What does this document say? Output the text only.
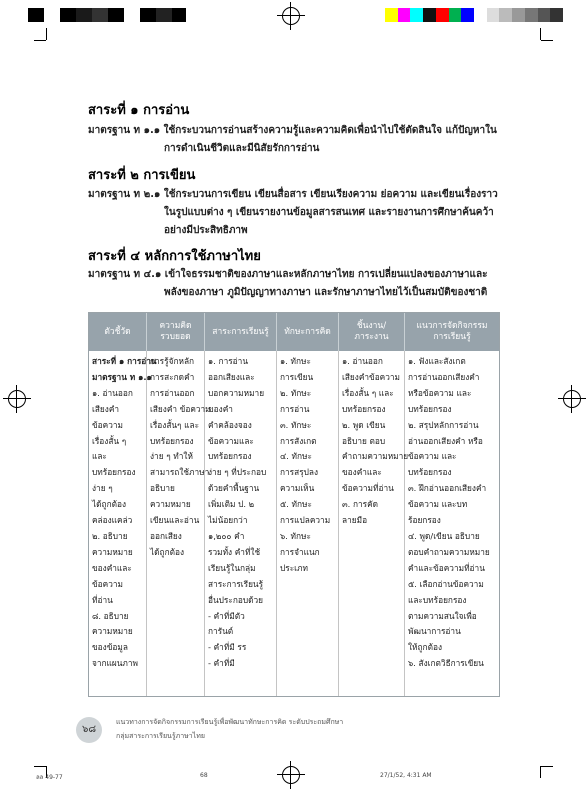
สาระที่ ๑ การอ่าน
มาตรฐาน ท ๑.๑ ใช้กระบวนการอ่านสร้างความรู้และความคิดเพื่อนำไปใช้ตัดสินใจ แก้ปัญหาใน
การดำเนินชีวิตและมีนิสัยรักการอ่าน
สาระที่ ๒ การเขียน
มาตรฐาน ท ๒.๑ ใช้กระบวนการเขียน เขียนสื่อสาร เขียนเรียงความ ย่อความ และเขียนเรื่องราว
ในรูปแบบต่าง ๆ เขียนรายงานข้อมูลสารสนเทศ และรายงานการศึกษาค้นคว้า
อย่างมีประสิทธิภาพ
สาระที่ ๔ หลักการใช้ภาษาไทย
มาตรฐาน ท ๔.๑ เข้าใจธรรมชาติของภาษาและหลักภาษาไทย การเปลี่ยนแปลงของภาษาและ
พลังของภาษา ภูมิปัญญาทางภาษา และรักษาภาษาไทยไว้เป็นสมบัติของชาติ
ตัวชี้วัด
ความคิด
รวบยอด
สาระการเรียนรู้ ทักษะการคิด
ชิ้นงาน/
ภาระงาน
แนวการจัดกิจกรรม
การเรียนรู้
สาระที่ ๑ การอ่าน
มาตรฐาน ท ๑.๑
๑. อ่านออก
เสียงคำ
ข้อความ
เรื่องสั้น ๆ
และ
บทร้อยกรอง
ง่าย ๆ
ได้ถูกต้อง
คล่องแคล่ว
๒. อธิบาย
ความหมาย
ของคำและ
ข้อความ
ที่อ่าน
๘. อธิบาย
ความหมาย
ของข้อมูล
จากแผนภาพ
การรู้จักหลัก
การสะกดคำ
การอ่านออก
เสียงคำ ข้อความ
เรื่องสั้นๆ และ
บทร้อยกรอง
ง่าย ๆ ทำให้
สามารถใช้ภาษา
อธิบาย
ความหมาย
เขียนและอ่าน
ออกเสียง
ได้ถูกต้อง
๑. การอ่าน
ออกเสียงและ
บอกความหมาย
ของคำ
คำคล้องจอง
ข้อความและ
บทร้อยกรอง
ง่าย ๆ ที่ประกอบ
ด้วยคำพื้นฐาน
เพิ่มเติม ป. ๒
ไม่น้อยกว่า
๑,๒๐๐ คำ
รวมทั้ง คำที่ใช้
เรียนรู้ในกลุ่ม
สาระการเรียนรู้
อื่นประกอบด้วย
- คำที่มีตัว
การันต์
- คำที่มี รร
- คำที่มี
๑. ทักษะ
การเขียน
๒. ทักษะ
การอ่าน
๓. ทักษะ
การสังเกต
๔. ทักษะ
การสรุปลง
ความเห็น
๕. ทักษะ
การแปลความ
๖. ทักษะ
การจำแนก
ประเภท
๑. อ่านออก
เสียงคำข้อความ
เรื่องสั้น ๆ และ
บทร้อยกรอง
๒. พูด เขียน
อธิบาย ตอบ
คำถามความหมาย
ของคำและ
ข้อความที่อ่าน
๓. การคัด
ลายมือ
๑. ฟังและสังเกต
การอ่านออกเสียงคำ
หรือข้อความ และ
บทร้อยกรอง
๒. สรุปหลักการอ่าน
อ่านออกเสียงคำ หรือ
ข้อความ และ
บทร้อยกรอง
๓. ฝึกอ่านออกเสียงคำ
ข้อความ และบท
ร้อยกรอง
๔. พูด/เขียน อธิบาย
ตอบคำถามความหมาย
คำและข้อความที่อ่าน
๕. เลือกอ่านข้อความ
และบทร้อยกรอง
ตามความสนใจเพื่อ
พัฒนาการอ่าน
ให้ถูกต้อง
๖. สังเกตวิธีการเขียน
๖๘
แนวทางการจัดกิจกรรมการเรียนรู้เพื่อพัฒนาทักษะการคิด ระดับประถมศึกษา
กลุ่มสาระการเรียนรู้ภาษาไทย
ลล 49-77	68	27/1/52, 4:31 AM
